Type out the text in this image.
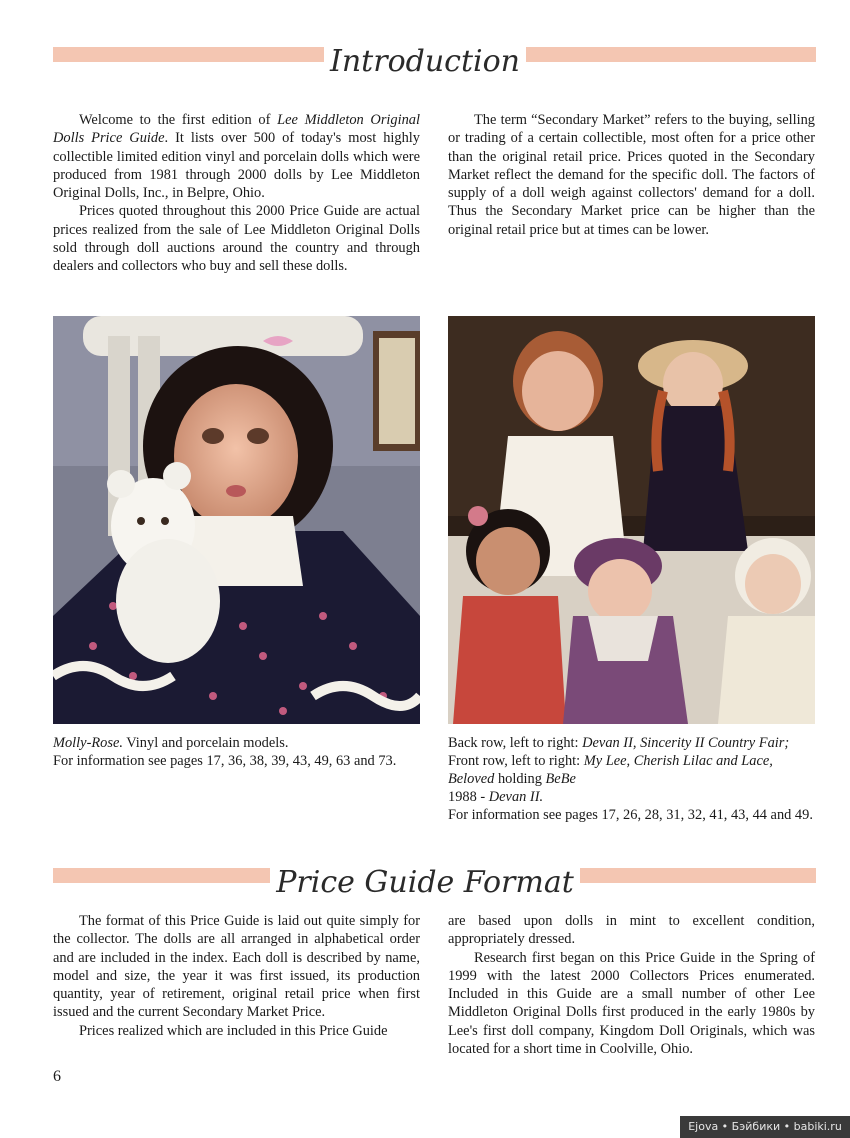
Introduction

Welcome to the first edition of Lee Middleton Original Dolls Price Guide. It lists over 500 of today's most highly collectible limited edition vinyl and porcelain dolls which were produced from 1981 through 2000 dolls by Lee Middleton Original Dolls, Inc., in Belpre, Ohio.

Prices quoted throughout this 2000 Price Guide are actual prices realized from the sale of Lee Middleton Original Dolls sold through doll auctions around the country and through dealers and collectors who buy and sell these dolls.

The term “Secondary Market” refers to the buying, selling or trading of a certain collectible, most often for a price other than the original retail price. Prices quoted in the Secondary Market reflect the demand for the specific doll. The factors of supply of a doll weigh against collectors' demand for a doll. Thus the Secondary Market price can be higher than the original retail price but at times can be lower.

Molly-Rose. Vinyl and porcelain models.

For information see pages 17, 36, 38, 39, 43, 49, 63 and 73.

Back row, left to right: Devan II, Sincerity II Country Fair; Front row, left to right: My Lee, Cherish Lilac and Lace, Beloved holding BeBe

1988 - Devan II.

For information see pages 17, 26, 28, 31, 32, 41, 43, 44 and 49.

Price Guide Format

The format of this Price Guide is laid out quite simply for the collector. The dolls are all arranged in alphabetical order and are included in the index. Each doll is described by name, model and size, the year it was first issued, its production quantity, year of retirement, original retail price when first issued and the current Secondary Market Price.

Prices realized which are included in this Price Guide

are based upon dolls in mint to excellent condition, appropriately dressed.

Research first began on this Price Guide in the Spring of 1999 with the latest 2000 Collectors Prices enumerated. Included in this Guide are a small number of other Lee Middleton Original Dolls first produced in the early 1980s by Lee's first doll company, Kingdom Doll Originals, which was located for a short time in Coolville, Ohio.

6
Ejova • Бэйбики • babiki.ru
